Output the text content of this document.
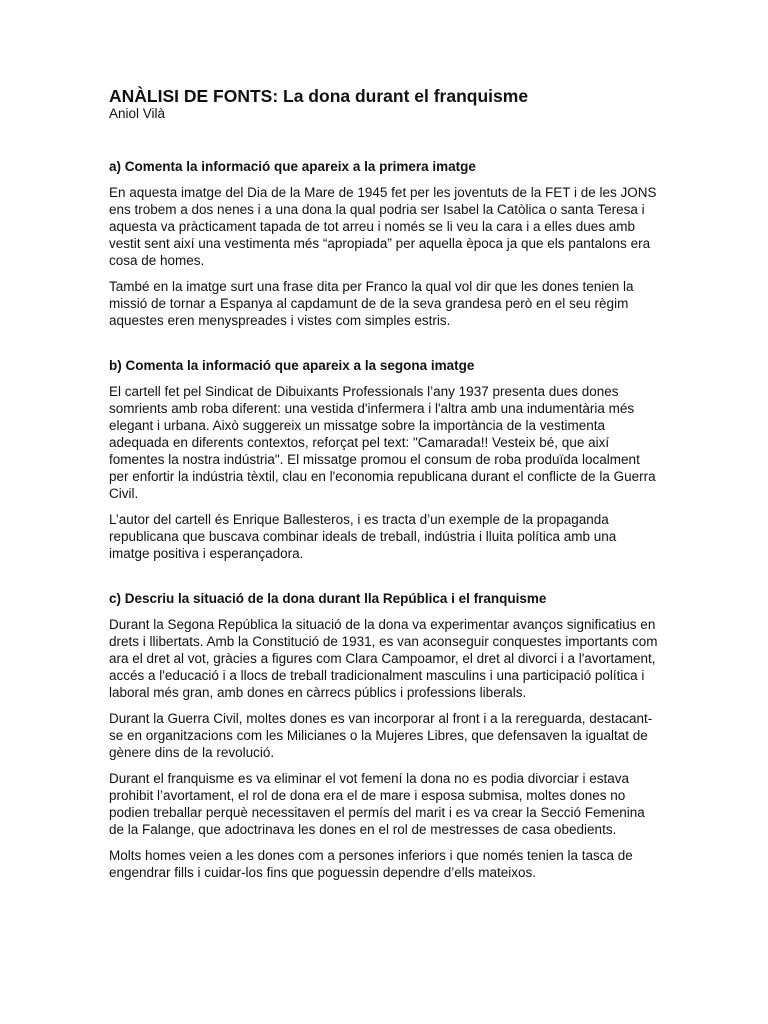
ANÀLISI DE FONTS: La dona durant el franquisme

Aniol Vilà

a) Comenta la informació que apareix a la primera imatge

En aquesta imatge del Dia de la Mare de 1945 fet per les joventuts de la FET i de les JONS ens trobem a dos nenes i a una dona la qual podria ser Isabel la Catòlica o santa Teresa i aquesta va pràcticament tapada de tot arreu i només se li veu la cara i a elles dues amb vestit sent així una vestimenta més “apropiada” per aquella època ja que els pantalons era cosa de homes.

També en la imatge surt una frase dita per Franco la qual vol dir que les dones tenien la missió de tornar a Espanya al capdamunt de de la seva grandesa però en el seu règim aquestes eren menyspreades i vistes com simples estris.

b) Comenta la informació que apareix a la segona imatge

El cartell fet pel Sindicat de Dibuixants Professionals l’any 1937 presenta dues dones somrients amb roba diferent: una vestida d'infermera i l'altra amb una indumentària més elegant i urbana. Això suggereix un missatge sobre la importància de la vestimenta adequada en diferents contextos, reforçat pel text: "Camarada!! Vesteix bé, que així fomentes la nostra indústria". El missatge promou el consum de roba produïda localment per enfortir la indústria tèxtil, clau en l'economia republicana durant el conflicte de la Guerra Civil.

L’autor del cartell és Enrique Ballesteros, i es tracta d’un exemple de la propaganda republicana que buscava combinar ideals de treball, indústria i lluita política amb una imatge positiva i esperançadora.

c) Descriu la situació de la dona durant lla República i el franquisme

Durant la Segona República la situació de la dona va experimentar avanços significatius en drets i llibertats. Amb la Constitució de 1931, es van aconseguir conquestes importants com ara el dret al vot, gràcies a figures com Clara Campoamor, el dret al divorci i a l'avortament, accés a l'educació i a llocs de treball tradicionalment masculins i una participació política i laboral més gran, amb dones en càrrecs públics i professions liberals.

Durant la Guerra Civil, moltes dones es van incorporar al front i a la rereguarda, destacant-se en organitzacions com les Milicianes o la Mujeres Libres, que defensaven la igualtat de gènere dins de la revolució.

Durant el franquisme es va eliminar el vot femení la dona no es podia divorciar i estava prohibit l’avortament, el rol de dona era el de mare i esposa submisa, moltes dones no podien treballar perquè necessitaven el permís del marit i es va crear la Secció Femenina de la Falange, que adoctrinava les dones en el rol de mestresses de casa obedients.

Molts homes veien a les dones com a persones inferiors i que només tenien la tasca de engendrar fills i cuidar-los fins que poguessin dependre d’ells mateixos.
